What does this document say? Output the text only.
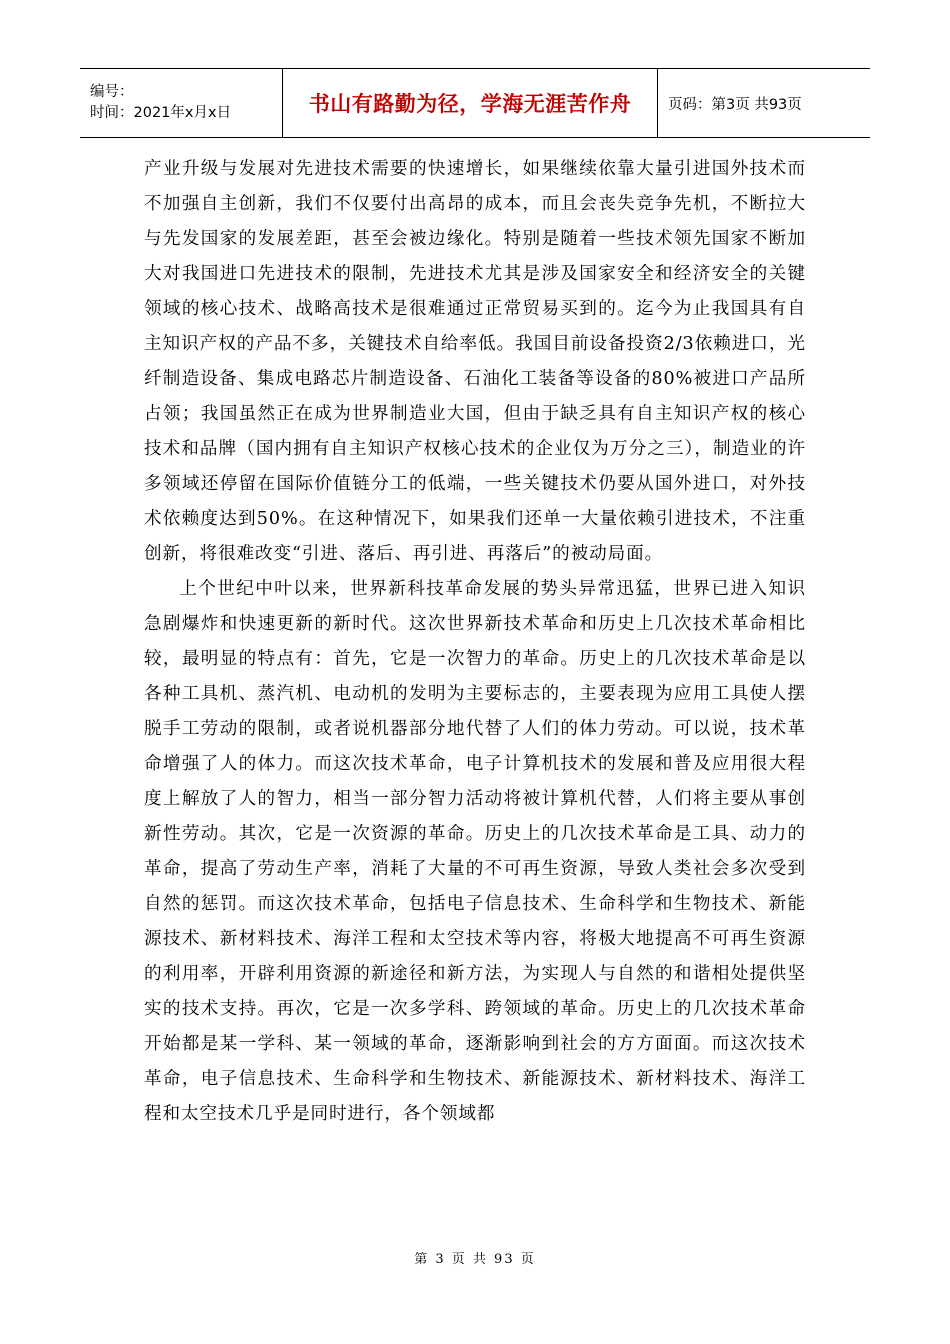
编号：
时间：2021年x月x日	书山有路勤为径，学海无涯苦作舟	页码：第3页 共93页

产业升级与发展对先进技术需要的快速增长，如果继续依靠大量引进国外技术而不加强自主创新，我们不仅要付出高昂的成本，而且会丧失竞争先机，不断拉大与先发国家的发展差距，甚至会被边缘化。特别是随着一些技术领先国家不断加大对我国进口先进技术的限制，先进技术尤其是涉及国家安全和经济安全的关键领域的核心技术、战略高技术是很难通过正常贸易买到的。迄今为止我国具有自主知识产权的产品不多，关键技术自给率低。我国目前设备投资2/3依赖进口，光纤制造设备、集成电路芯片制造设备、石油化工装备等设备的80%被进口产品所占领；我国虽然正在成为世界制造业大国，但由于缺乏具有自主知识产权的核心技术和品牌（国内拥有自主知识产权核心技术的企业仅为万分之三），制造业的许多领域还停留在国际价值链分工的低端，一些关键技术仍要从国外进口，对外技术依赖度达到50%。在这种情况下，如果我们还单一大量依赖引进技术，不注重创新，将很难改变“引进、落后、再引进、再落后”的被动局面。

上个世纪中叶以来，世界新科技革命发展的势头异常迅猛，世界已进入知识急剧爆炸和快速更新的新时代。这次世界新技术革命和历史上几次技术革命相比较，最明显的特点有：首先，它是一次智力的革命。历史上的几次技术革命是以各种工具机、蒸汽机、电动机的发明为主要标志的，主要表现为应用工具使人摆脱手工劳动的限制，或者说机器部分地代替了人们的体力劳动。可以说，技术革命增强了人的体力。而这次技术革命，电子计算机技术的发展和普及应用很大程度上解放了人的智力，相当一部分智力活动将被计算机代替，人们将主要从事创新性劳动。其次，它是一次资源的革命。历史上的几次技术革命是工具、动力的革命，提高了劳动生产率，消耗了大量的不可再生资源，导致人类社会多次受到自然的惩罚。而这次技术革命，包括电子信息技术、生命科学和生物技术、新能源技术、新材料技术、海洋工程和太空技术等内容，将极大地提高不可再生资源的利用率，开辟利用资源的新途径和新方法，为实现人与自然的和谐相处提供坚实的技术支持。再次，它是一次多学科、跨领域的革命。历史上的几次技术革命开始都是某一学科、某一领域的革命，逐渐影响到社会的方方面面。而这次技术革命，电子信息技术、生命科学和生物技术、新能源技术、新材料技术、海洋工程和太空技术几乎是同时进行，各个领域都

第 3 页 共 93 页
